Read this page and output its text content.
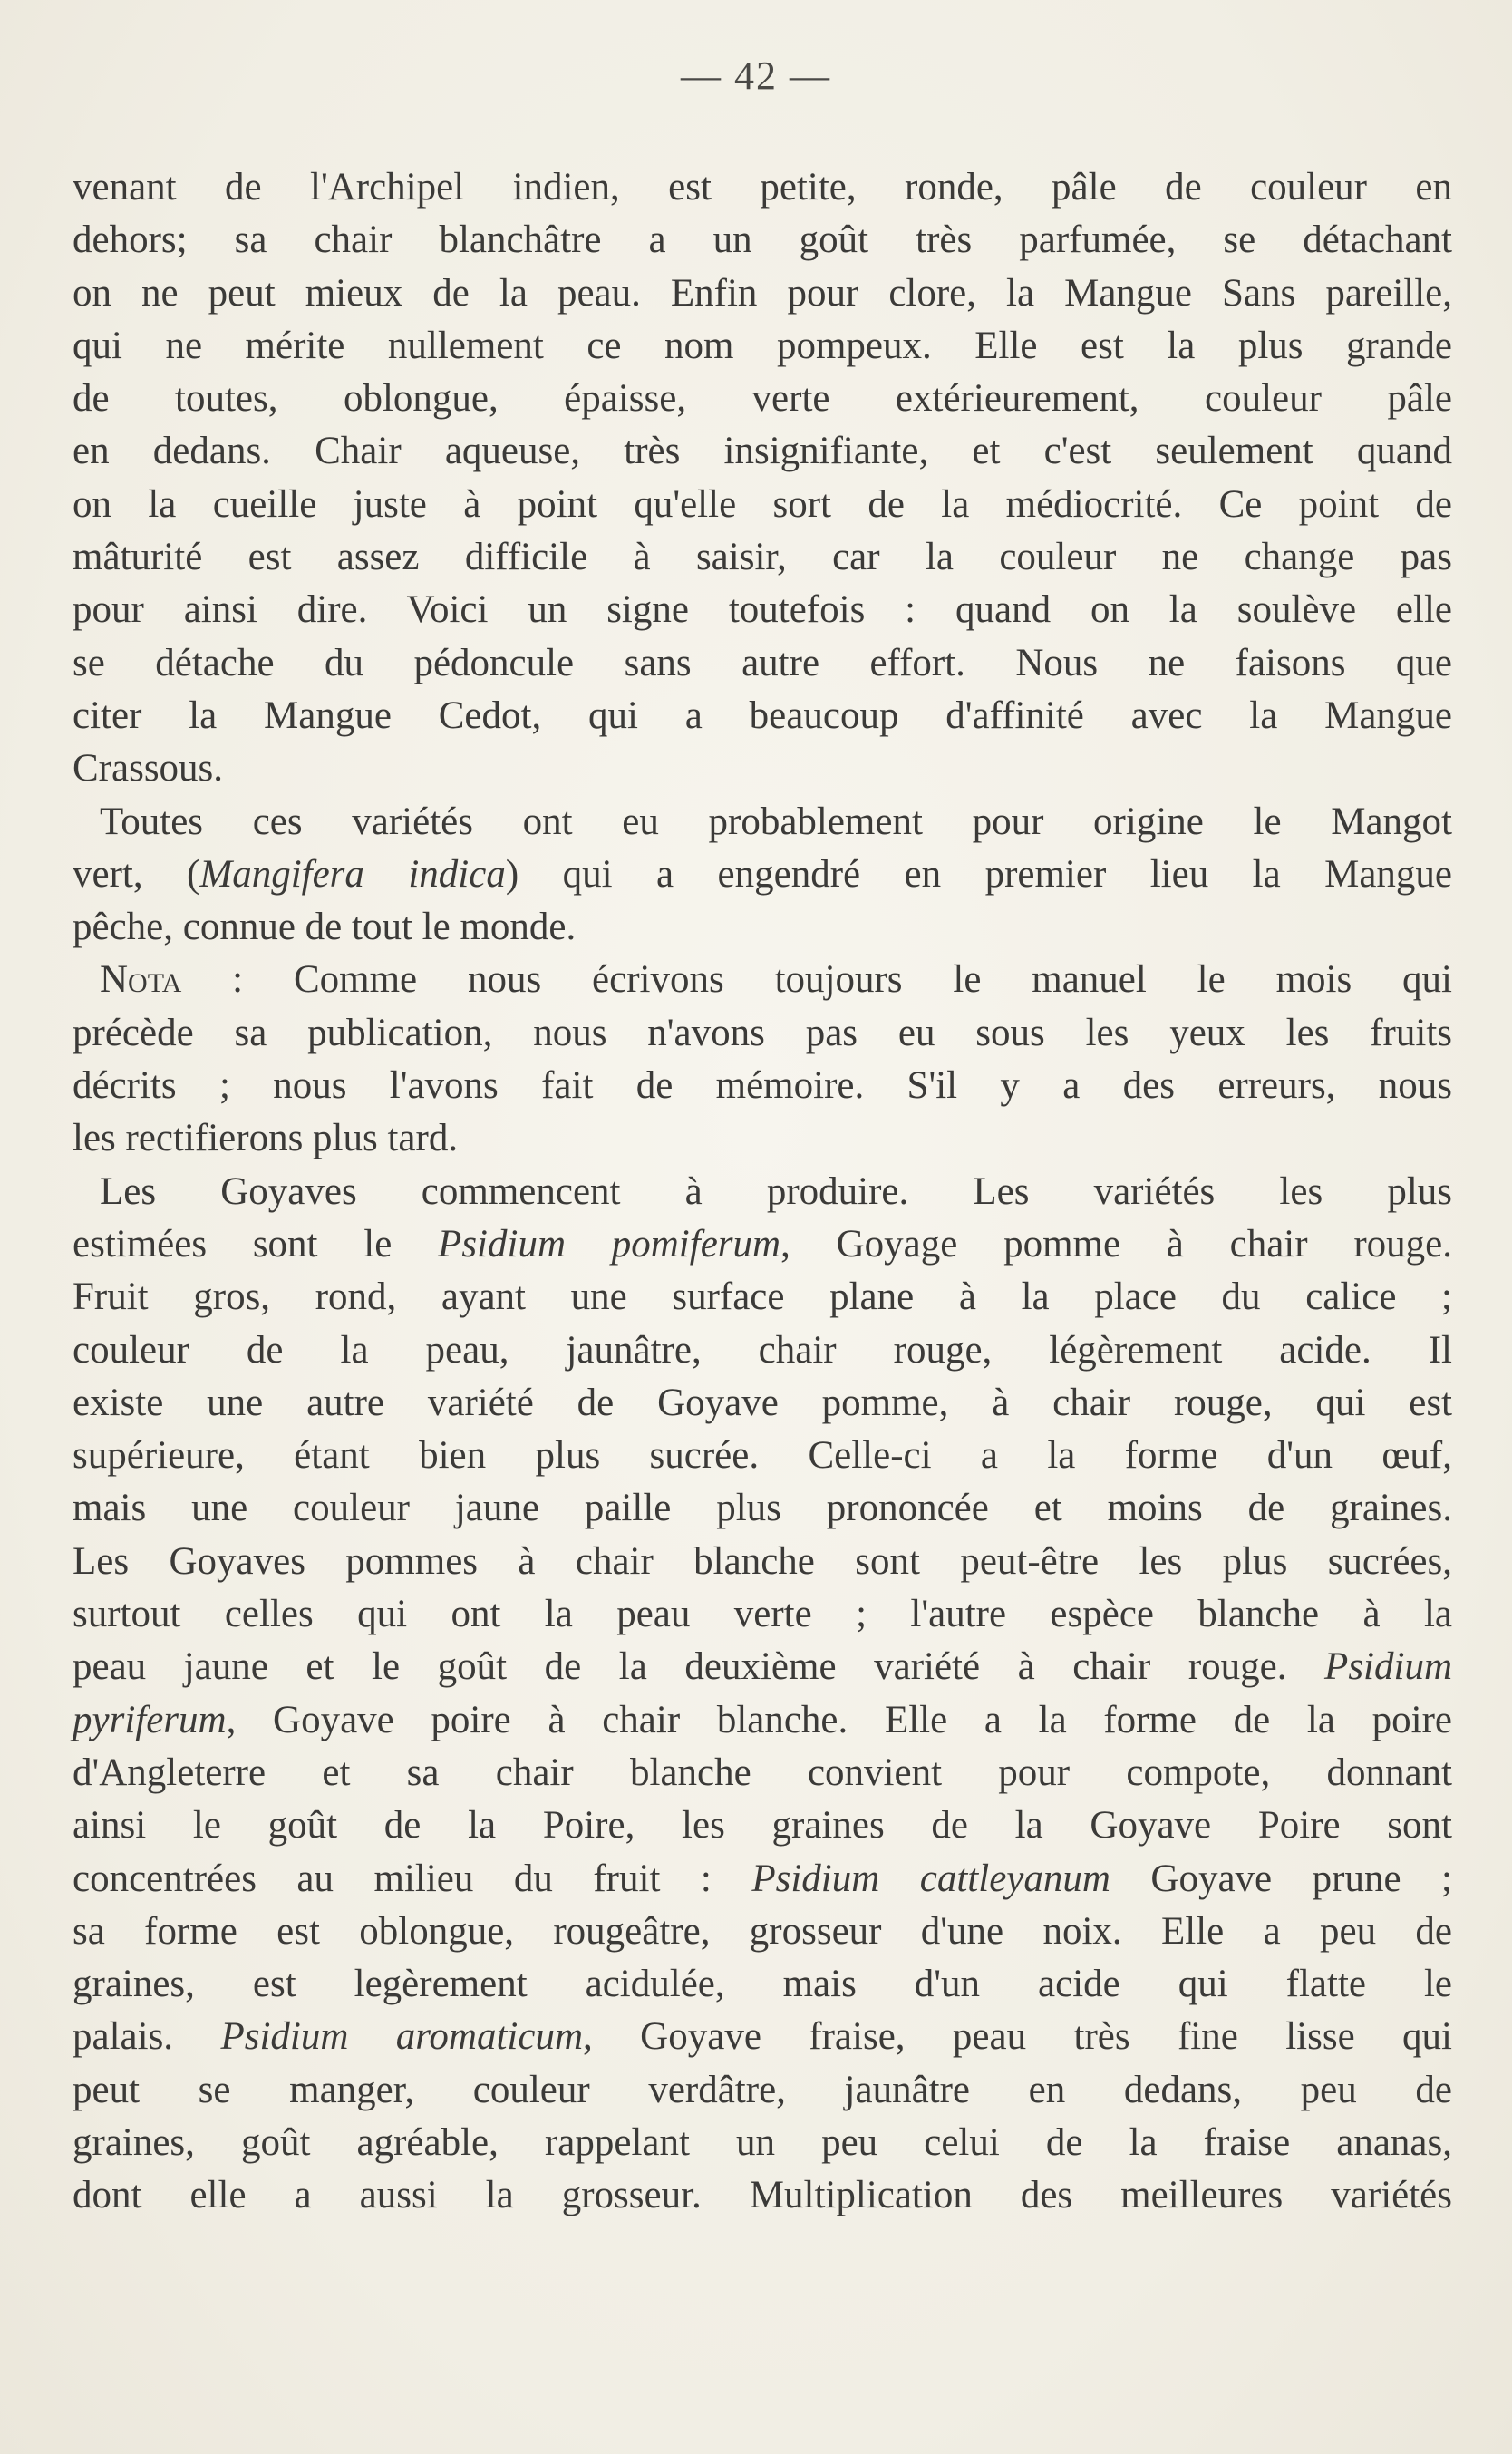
— 42 —
venant de l'Archipel indien, est petite, ronde, pâle de couleur en
dehors; sa chair blanchâtre a un goût très parfumée, se détachant
on ne peut mieux de la peau. Enfin pour clore, la Mangue Sans pareille,
qui ne mérite nullement ce nom pompeux. Elle est la plus grande
de toutes, oblongue, épaisse, verte extérieurement, couleur pâle
en dedans. Chair aqueuse, très insignifiante, et c'est seulement quand
on la cueille juste à point qu'elle sort de la médiocrité. Ce point de
mâturité est assez difficile à saisir, car la couleur ne change pas
pour ainsi dire. Voici un signe toutefois : quand on la soulève elle
se détache du pédoncule sans autre effort. Nous ne faisons que
citer la Mangue Cedot, qui a beaucoup d'affinité avec la Mangue
Crassous.
Toutes ces variétés ont eu probablement pour origine le Mangot
vert, (Mangifera indica) qui a engendré en premier lieu la Mangue
pêche, connue de tout le monde.
Nota : Comme nous écrivons toujours le manuel le mois qui
précède sa publication, nous n'avons pas eu sous les yeux les fruits
décrits ; nous l'avons fait de mémoire. S'il y a des erreurs, nous
les rectifierons plus tard.
Les Goyaves commencent à produire. Les variétés les plus
estimées sont le Psidium pomiferum, Goyage pomme à chair rouge.
Fruit gros, rond, ayant une surface plane à la place du calice ;
couleur de la peau, jaunâtre, chair rouge, légèrement acide. Il
existe une autre variété de Goyave pomme, à chair rouge, qui est
supérieure, étant bien plus sucrée. Celle-ci a la forme d'un œuf,
mais une couleur jaune paille plus prononcée et moins de graines.
Les Goyaves pommes à chair blanche sont peut-être les plus sucrées,
surtout celles qui ont la peau verte ; l'autre espèce blanche à la
peau jaune et le goût de la deuxième variété à chair rouge. Psidium
pyriferum, Goyave poire à chair blanche. Elle a la forme de la poire
d'Angleterre et sa chair blanche convient pour compote, donnant
ainsi le goût de la Poire, les graines de la Goyave Poire sont
concentrées au milieu du fruit : Psidium cattleyanum Goyave prune ;
sa forme est oblongue, rougeâtre, grosseur d'une noix. Elle a peu de
graines, est legèrement acidulée, mais d'un acide qui flatte le
palais. Psidium aromaticum, Goyave fraise, peau très fine lisse qui
peut se manger, couleur verdâtre, jaunâtre en dedans, peu de
graines, goût agréable, rappelant un peu celui de la fraise ananas,
dont elle a aussi la grosseur. Multiplication des meilleures variétés
